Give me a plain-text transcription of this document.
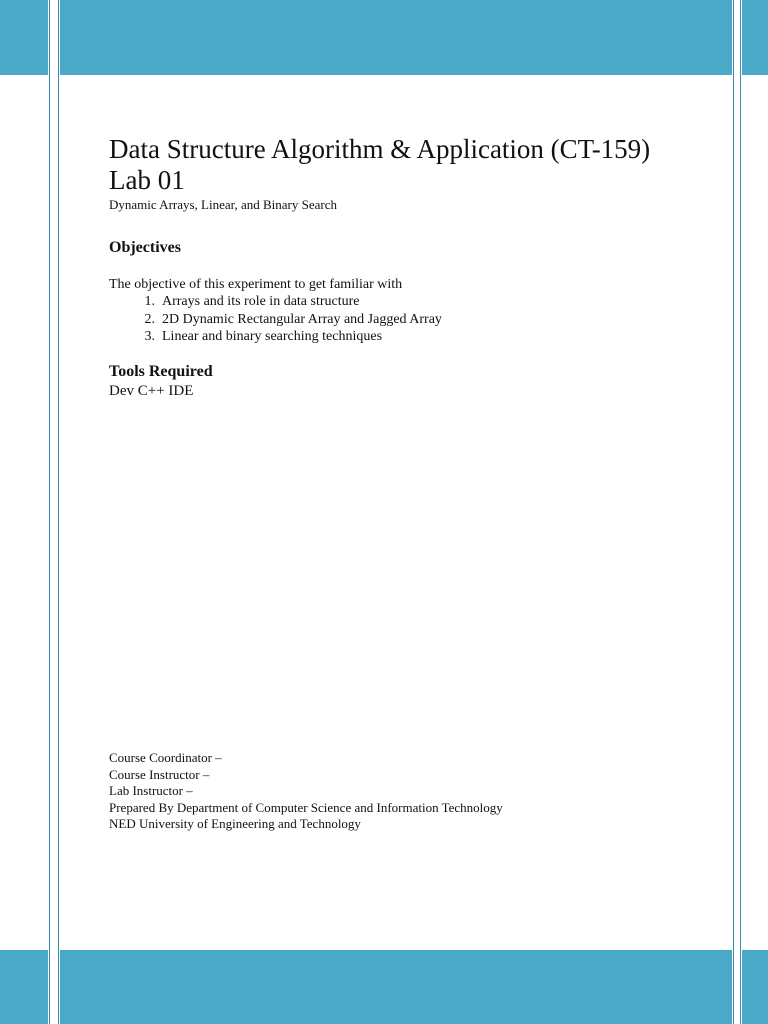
Data Structure Algorithm & Application (CT-159)
Lab 01

Dynamic Arrays, Linear, and Binary Search

Objectives

The objective of this experiment to get familiar with

1.
Arrays and its role in data structure
2.
2D Dynamic Rectangular Array and Jagged Array
3.
Linear and binary searching techniques
Tools Required

Dev C++ IDE

Course Coordinator –
Course Instructor –
Lab Instructor –
Prepared By Department of Computer Science and Information Technology
NED University of Engineering and Technology
